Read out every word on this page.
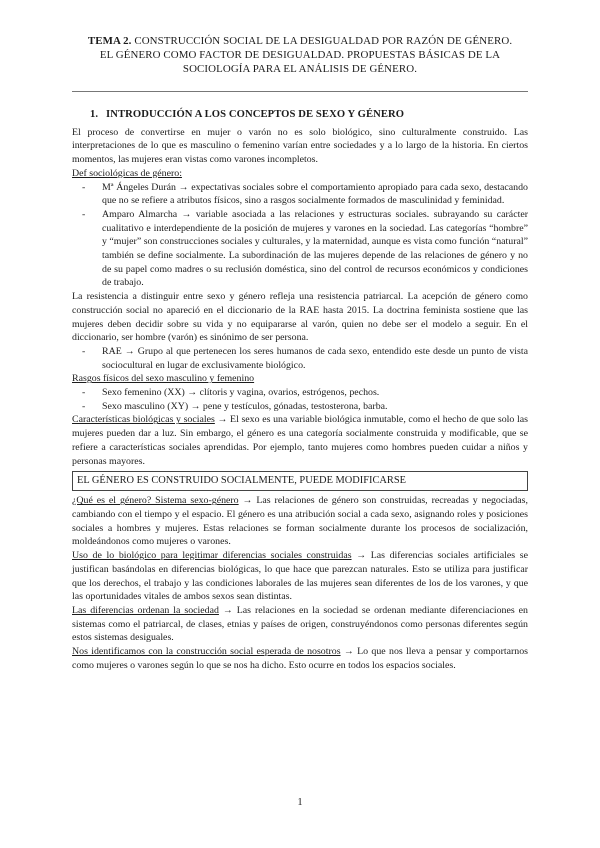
TEMA 2. CONSTRUCCIÓN SOCIAL DE LA DESIGUALDAD POR RAZÓN DE GÉNERO.
EL GÉNERO COMO FACTOR DE DESIGUALDAD. PROPUESTAS BÁSICAS DE LA
SOCIOLOGÍA PARA EL ANÁLISIS DE GÉNERO.
1. INTRODUCCIÓN A LOS CONCEPTOS DE SEXO Y GÉNERO

El proceso de convertirse en mujer o varón no es solo biológico, sino culturalmente construido. Las interpretaciones de lo que es masculino o femenino varían entre sociedades y a lo largo de la historia. En ciertos momentos, las mujeres eran vistas como varones incompletos.

Def sociológicas de género:

- Mª Ángeles Durán → expectativas sociales sobre el comportamiento apropiado para cada sexo, destacando que no se refiere a atributos físicos, sino a rasgos socialmente formados de masculinidad y feminidad.
- Amparo Almarcha → variable asociada a las relaciones y estructuras sociales. subrayando su carácter cualitativo e interdependiente de la posición de mujeres y varones en la sociedad. Las categorías “hombre” y “mujer” son construcciones sociales y culturales, y la maternidad, aunque es vista como función “natural” también se define socialmente. La subordinación de las mujeres depende de las relaciones de género y no de su papel como madres o su reclusión doméstica, sino del control de recursos económicos y condiciones de trabajo.

La resistencia a distinguir entre sexo y género refleja una resistencia patriarcal. La acepción de género como construcción social no apareció en el diccionario de la RAE hasta 2015. La doctrina feminista sostiene que las mujeres deben decidir sobre su vida y no equipararse al varón, quien no debe ser el modelo a seguir. En el diccionario, ser hombre (varón) es sinónimo de ser persona.

- RAE → Grupo al que pertenecen los seres humanos de cada sexo, entendido este desde un punto de vista sociocultural en lugar de exclusivamente biológico.

Rasgos físicos del sexo masculino y femenino

- Sexo femenino (XX) → clítoris y vagina, ovarios, estrógenos, pechos.
- Sexo masculino (XY) → pene y testículos, gónadas, testosterona, barba.

Características biológicas y sociales → El sexo es una variable biológica inmutable, como el hecho de que solo las mujeres pueden dar a luz. Sin embargo, el género es una categoría socialmente construida y modificable, que se refiere a características sociales aprendidas. Por ejemplo, tanto mujeres como hombres pueden cuidar a niños y personas mayores.

EL GÉNERO ES CONSTRUIDO SOCIALMENTE, PUEDE MODIFICARSE

¿Qué es el género? Sistema sexo-género → Las relaciones de género son construidas, recreadas y negociadas, cambiando con el tiempo y el espacio. El género es una atribución social a cada sexo, asignando roles y posiciones sociales a hombres y mujeres. Estas relaciones se forman socialmente durante los procesos de socialización, moldeándonos como mujeres o varones.

Uso de lo biológico para legitimar diferencias sociales construidas → Las diferencias sociales artificiales se justifican basándolas en diferencias biológicas, lo que hace que parezcan naturales. Esto se utiliza para justificar que los derechos, el trabajo y las condiciones laborales de las mujeres sean diferentes de los de los varones, y que las oportunidades vitales de ambos sexos sean distintas.

Las diferencias ordenan la sociedad → Las relaciones en la sociedad se ordenan mediante diferenciaciones en sistemas como el patriarcal, de clases, etnias y países de origen, construyéndonos como personas diferentes según estos sistemas desiguales.

Nos identificamos con la construcción social esperada de nosotros → Lo que nos lleva a pensar y comportarnos como mujeres o varones según lo que se nos ha dicho. Esto ocurre en todos los espacios sociales.

1
